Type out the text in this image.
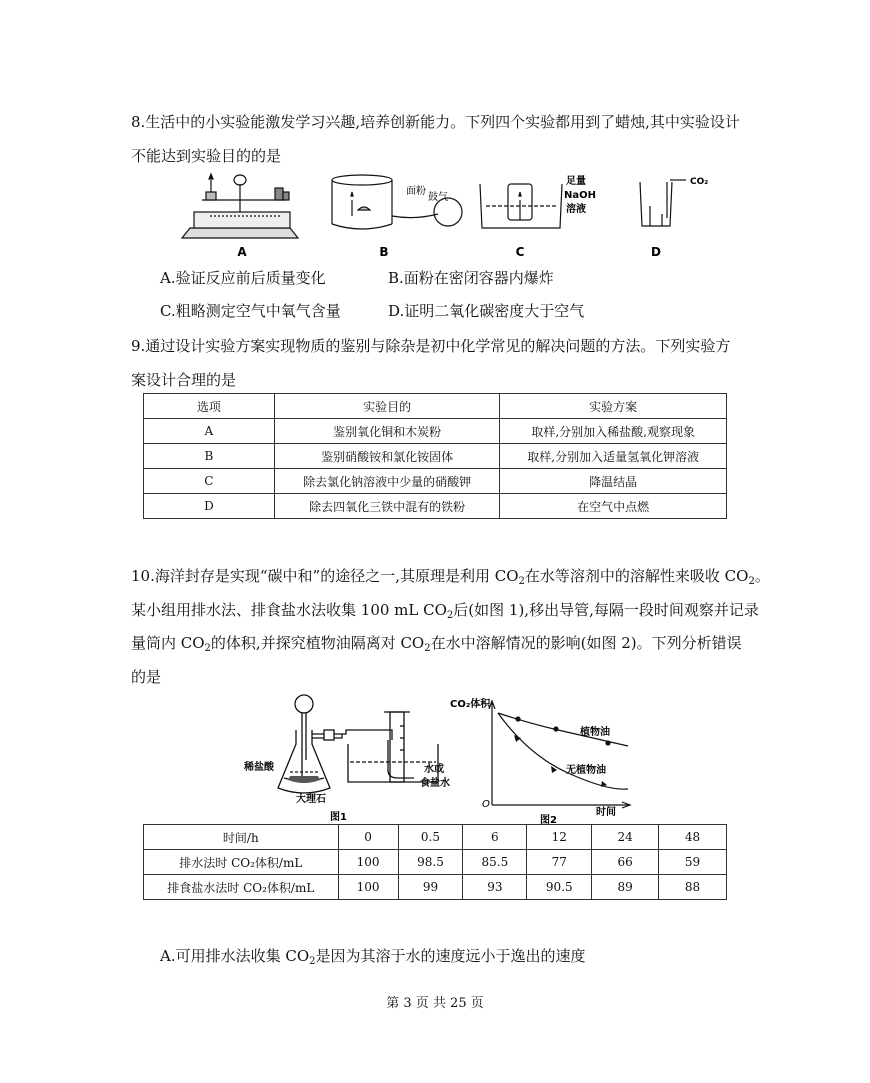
8.生活中的小实验能激发学习兴趣,培养创新能力。下列四个实验都用到了蜡烛,其中实验设计
不能达到实验目的的是
面粉
鼓气
足量
NaOH
溶液
CO₂
A	B	C	D
A.验证反应前后质量变化	B.面粉在密闭容器内爆炸
C.粗略测定空气中氧气含量	D.证明二氧化碳密度大于空气
9.通过设计实验方案实现物质的鉴别与除杂是初中化学常见的解决问题的方法。下列实验方
案设计合理的是
选项	实验目的	实验方案
A	鉴别氧化铜和木炭粉	取样,分别加入稀盐酸,观察现象
B	鉴别硝酸铵和氯化铵固体	取样,分别加入适量氢氧化钾溶液
C	除去氯化钠溶液中少量的硝酸钾	降温结晶
D	除去四氧化三铁中混有的铁粉	在空气中点燃
10.海洋封存是实现“碳中和”的途径之一,其原理是利用 $CO_2$在水等溶剂中的溶解性来吸收 $CO_2$。
某小组用排水法、排食盐水法收集 100 mL $CO_2$后(如图 1),移出导管,每隔一段时间观察并记录
量筒内 $CO_2$的体积,并探究植物油隔离对 $CO_2$在水中溶解情况的影响(如图 2)。下列分析错误
的是
稀盐酸
大理石
水或
食盐水
图1
CO₂体积
O
时间
植物油
无植物油
图2
时间/h	0	0.5	6	12	24	48
排水法时 CO₂体积/mL	100	98.5	85.5	77	66	59
排食盐水法时 CO₂体积/mL	100	99	93	90.5	89	88
A.可用排水法收集 $CO_2$是因为其溶于水的速度远小于逸出的速度
第 3 页 共 25 页
